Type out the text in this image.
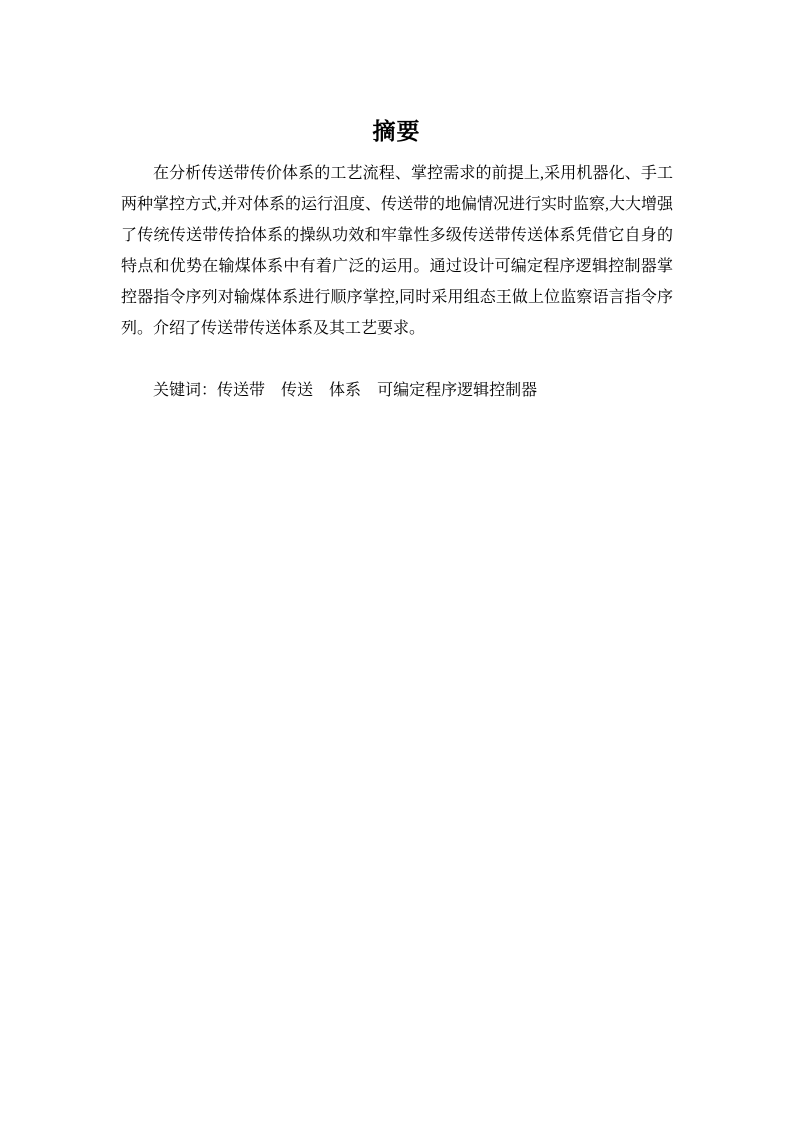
摘要

在分析传送带传价体系的工艺流程、掌控需求的前提上,采用机器化、手工两种掌控方式,并对体系的运行沮度、传送带的地偏情况进行实时监察,大大增强了传统传送带传拾体系的操纵功效和牢靠性多级传送带传送体系凭借它自身的特点和优势在输煤体系中有着广泛的运用。通过设计可编定程序逻辑控制器掌控器指令序列对输煤体系进行顺序掌控,同时采用组态王做上位监察语言指令序列。介绍了传送带传送体系及其工艺要求。

关键词：传送带 传送 体系 可编定程序逻辑控制器
